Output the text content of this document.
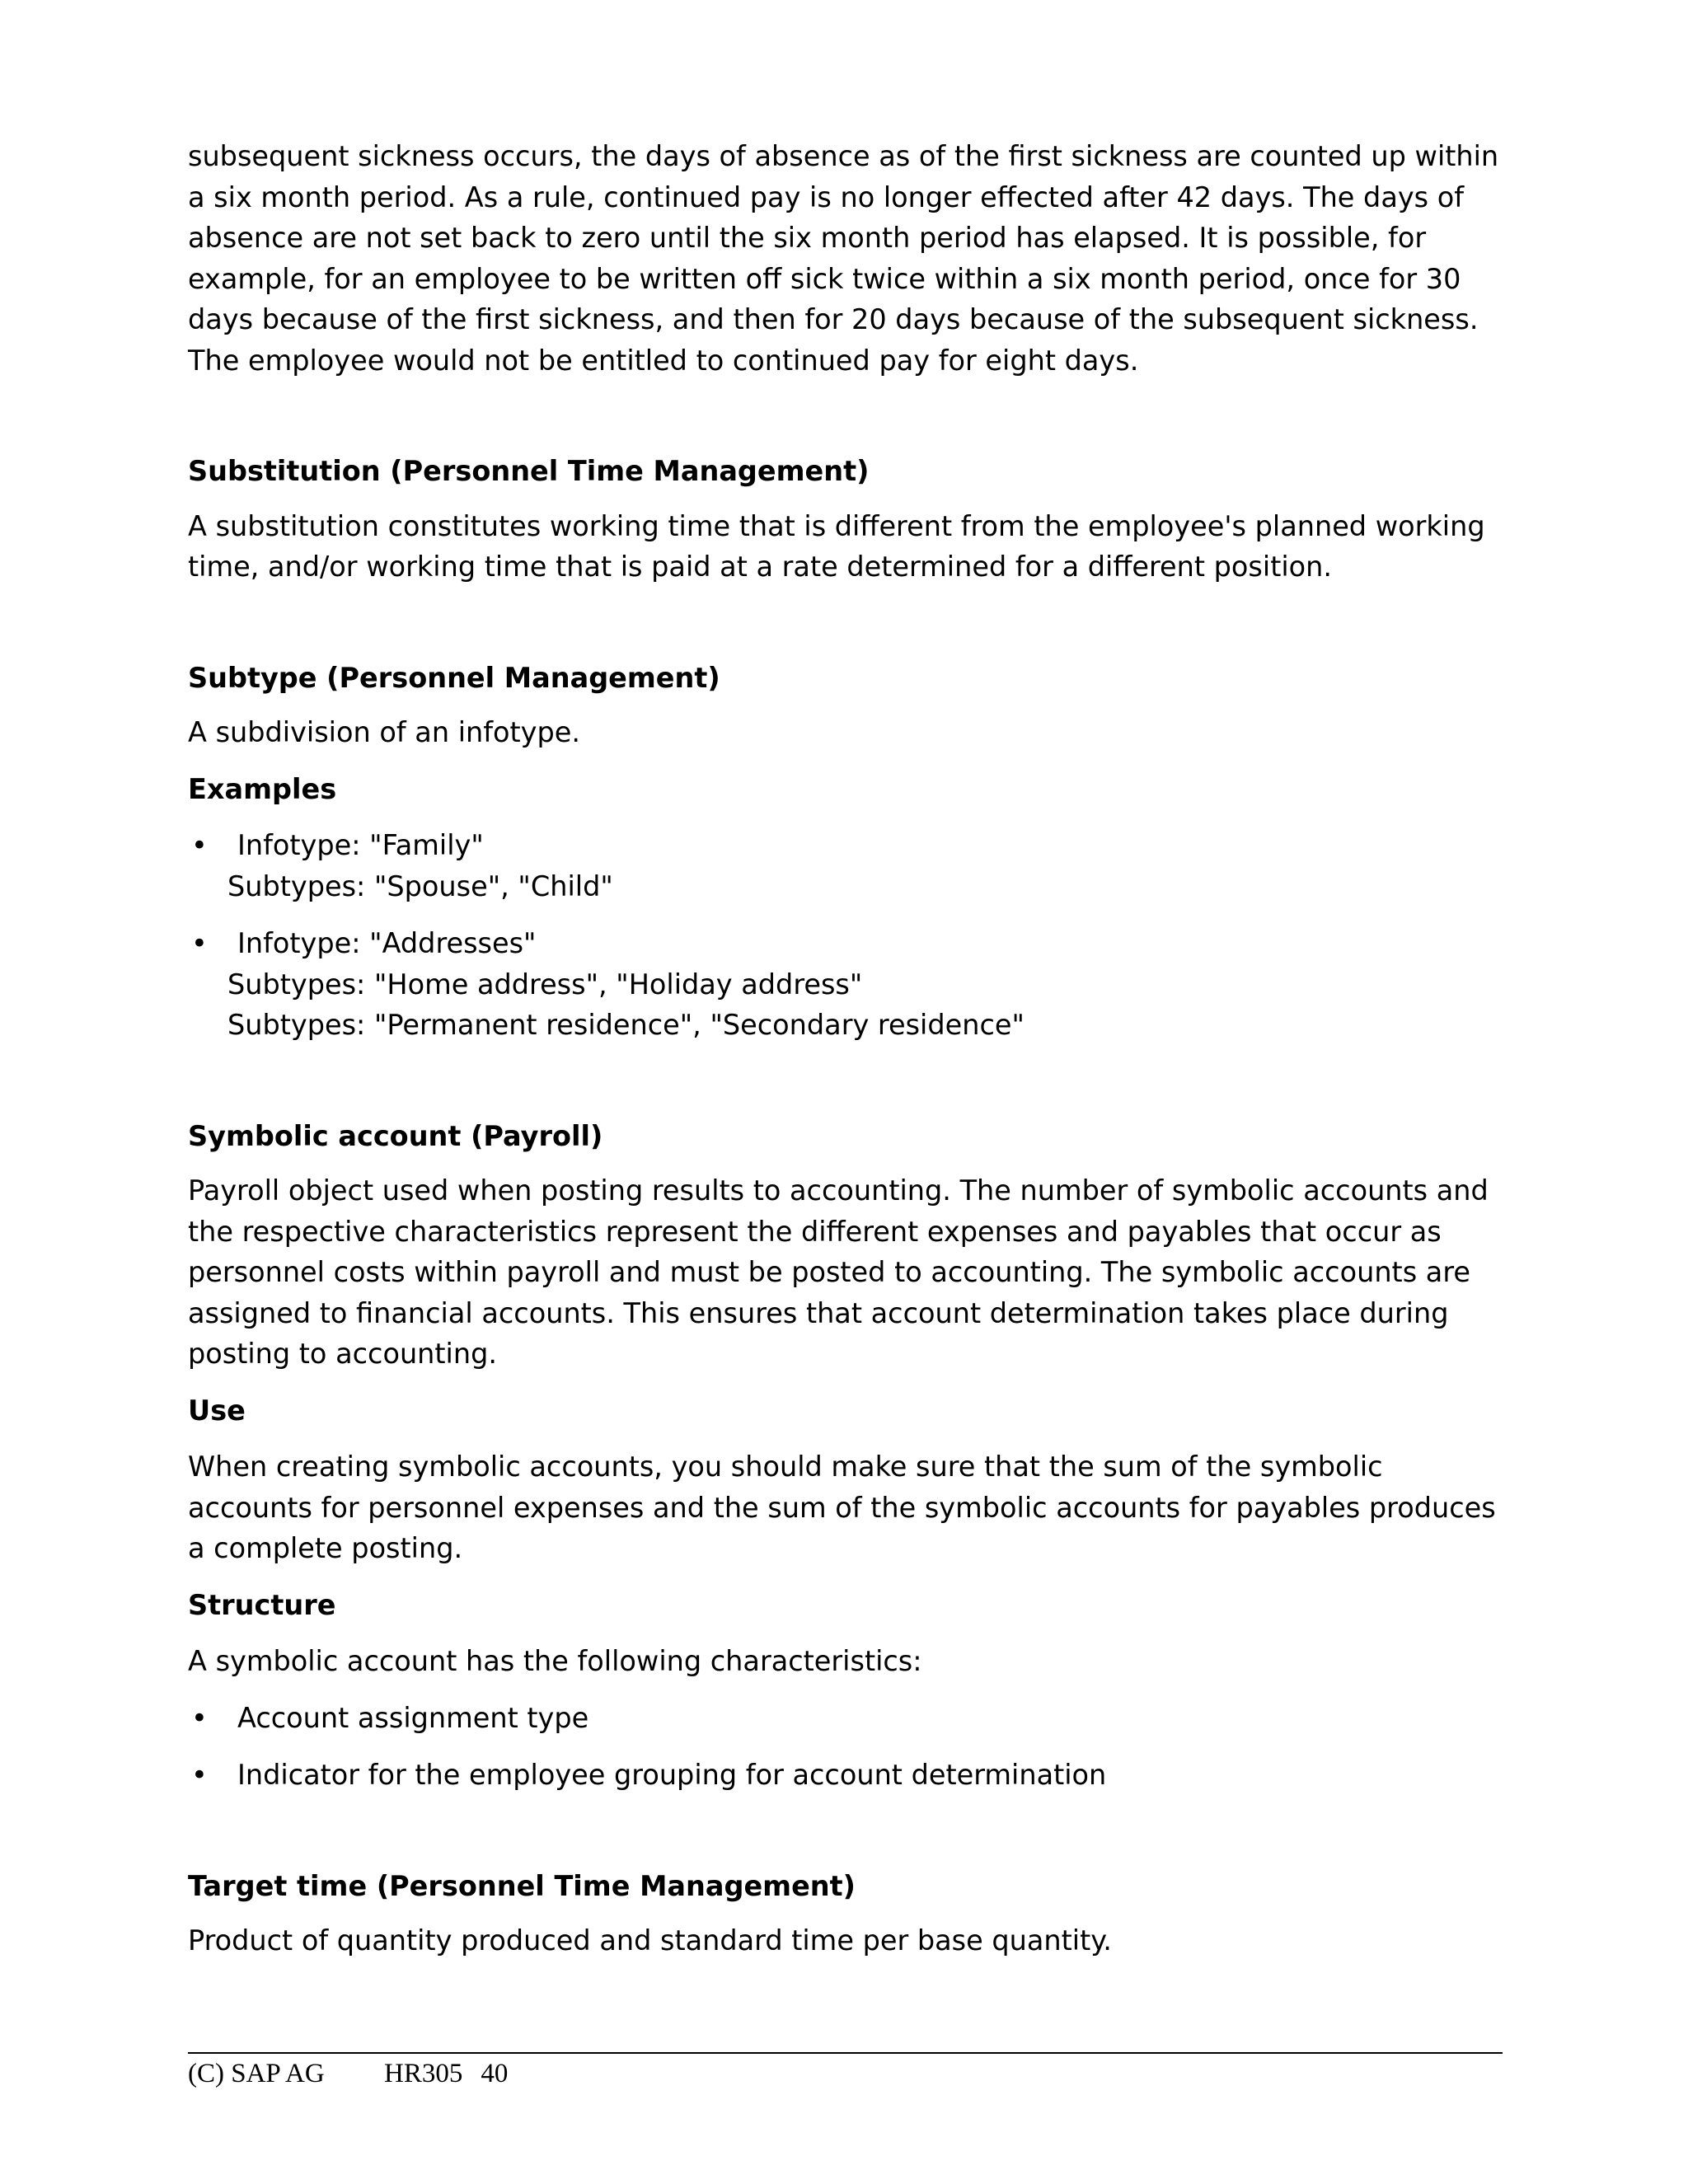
subsequent sickness occurs, the days of absence as of the first sickness are counted up within a six month period. As a rule, continued pay is no longer effected after 42 days. The days of absence are not set back to zero until the six month period has elapsed. It is possible, for example, for an employee to be written off sick twice within a six month period, once for 30 days because of the first sickness, and then for 20 days because of the subsequent sickness. The employee would not be entitled to continued pay for eight days.

Substitution (Personnel Time Management)

A substitution constitutes working time that is different from the employee's planned working time, and/or working time that is paid at a rate determined for a different position.

Subtype (Personnel Management)

A subdivision of an infotype.

Examples

• Infotype: "Family"
Subtypes: "Spouse", "Child"
• Infotype: "Addresses"
Subtypes: "Home address", "Holiday address"
Subtypes: "Permanent residence", "Secondary residence"

Symbolic account (Payroll)

Payroll object used when posting results to accounting. The number of symbolic accounts and the respective characteristics represent the different expenses and payables that occur as personnel costs within payroll and must be posted to accounting. The symbolic accounts are assigned to financial accounts. This ensures that account determination takes place during posting to accounting.

Use

When creating symbolic accounts, you should make sure that the sum of the symbolic accounts for personnel expenses and the sum of the symbolic accounts for payables produces a complete posting.

Structure

A symbolic account has the following characteristics:

• Account assignment type
• Indicator for the employee grouping for account determination

Target time (Personnel Time Management)

Product of quantity produced and standard time per base quantity.

(C) SAP AG HR305 40
